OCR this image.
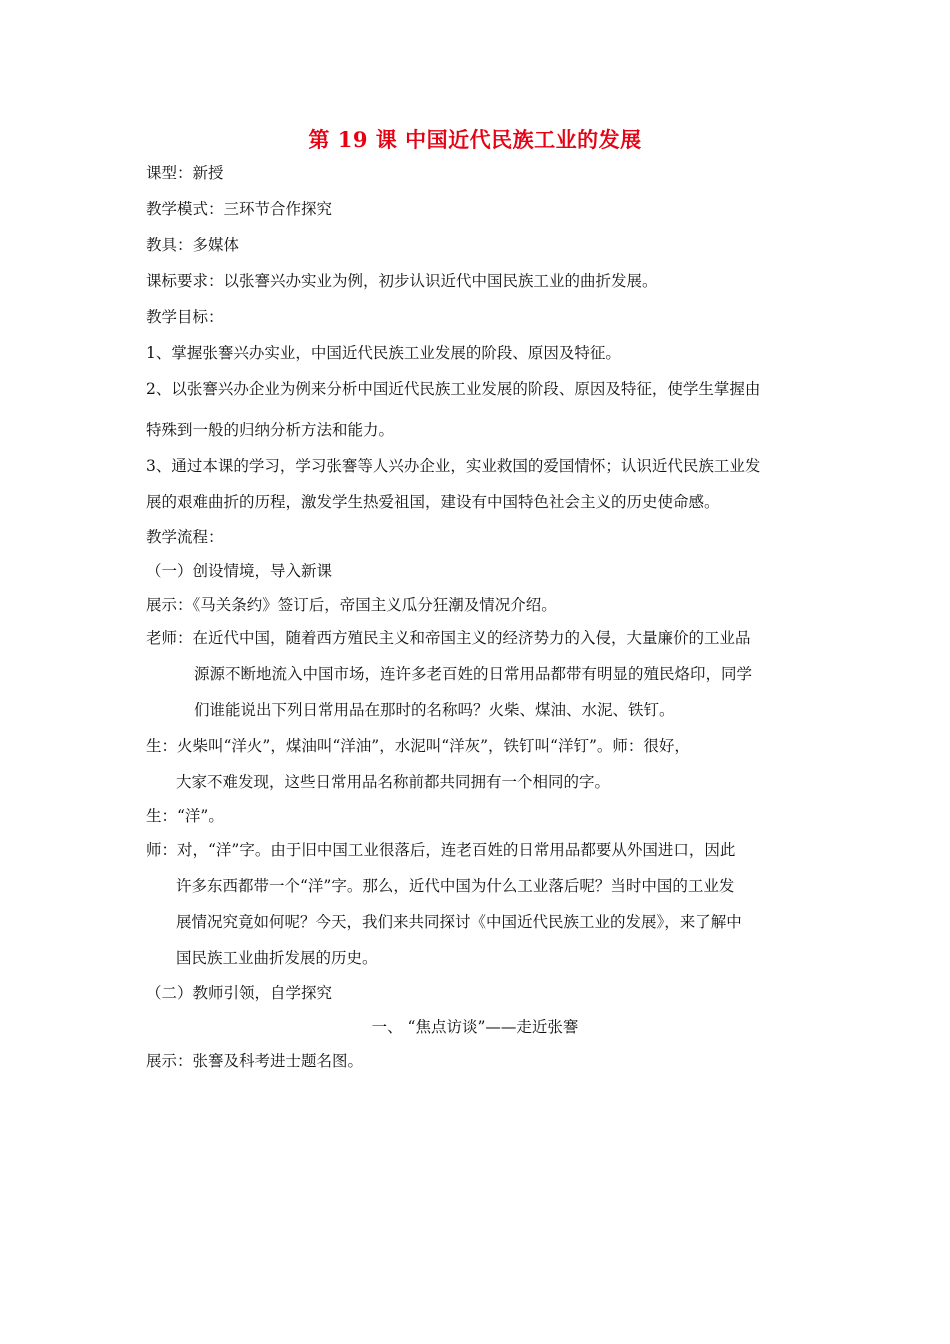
第 19 课 中国近代民族工业的发展
课型：新授
教学模式：三环节合作探究
教具：多媒体
课标要求：以张謇兴办实业为例，初步认识近代中国民族工业的曲折发展。
教学目标：
1、掌握张謇兴办实业，中国近代民族工业发展的阶段、原因及特征。
2、以张謇兴办企业为例来分析中国近代民族工业发展的阶段、原因及特征，使学生掌握由
特殊到一般的归纳分析方法和能力。
3、通过本课的学习，学习张謇等人兴办企业，实业救国的爱国情怀；认识近代民族工业发
展的艰难曲折的历程，激发学生热爱祖国，建设有中国特色社会主义的历史使命感。
教学流程：
（一）创设情境，导入新课
展示：《马关条约》签订后，帝国主义瓜分狂潮及情况介绍。
老师：在近代中国，随着西方殖民主义和帝国主义的经济势力的入侵，大量廉价的工业品
源源不断地流入中国市场，连许多老百姓的日常用品都带有明显的殖民烙印，同学
们谁能说出下列日常用品在那时的名称吗？火柴、煤油、水泥、铁钉。
生：火柴叫“洋火”，煤油叫“洋油”，水泥叫“洋灰”，铁钉叫“洋钉”。师：很好，
大家不难发现，这些日常用品名称前都共同拥有一个相同的字。
生：“洋”。
师：对，“洋”字。由于旧中国工业很落后，连老百姓的日常用品都要从外国进口，因此
许多东西都带一个“洋”字。那么，近代中国为什么工业落后呢？当时中国的工业发
展情况究竟如何呢？今天，我们来共同探讨《中国近代民族工业的发展》，来了解中
国民族工业曲折发展的历史。
（二）教师引领，自学探究
一、 “焦点访谈”——走近张謇
展示：张謇及科考进士题名图。
